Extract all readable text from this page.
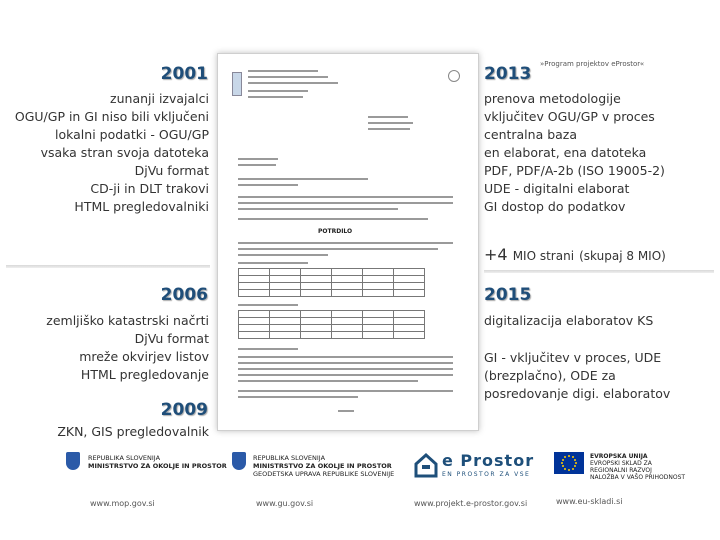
2001
zunanji izvajalci
OGU/GP in GI niso bili vključeni
lokalni podatki - OGU/GP
vsaka stran svoja datoteka
DjVu format
CD-ji in DLT trakovi
HTML pregledovalniki
2006
zemljiško katastrski načrti
DjVu format
mreže okvirjev listov
HTML pregledovanje
2009
ZKN, GIS pregledovalnik
POTRDILO

2013 »Program projektov eProstor«
prenova metodologije
vključitev OGU/GP v proces
centralna baza
en elaborat, ena datoteka
PDF, PDF/A-2b (ISO 19005-2)
UDE - digitalni elaborat
GI dostop do podatkov
+4 MIO strani (skupaj 8 MIO)
2015
digitalizacija elaboratov KS
GI - vključitev v proces, UDE
(brezplačno), ODE za
posredovanje digi. elaboratov
REPUBLIKA SLOVENIJA
MINISTRSTVO ZA OKOLJE IN PROSTOR
REPUBLIKA SLOVENIJA
MINISTRSTVO ZA OKOLJE IN PROSTOR
GEODETSKA UPRAVA REPUBLIKE SLOVENIJE
e Prostor
EN PROSTOR ZA VSE
EVROPSKA UNIJA
EVROPSKI SKLAD ZA
REGIONALNI RAZVOJ
NALOŽBA V VAŠO PRIHODNOST
www.mop.gov.si	www.gu.gov.si	www.projekt.e-prostor.gov.si	www.eu-skladi.si
